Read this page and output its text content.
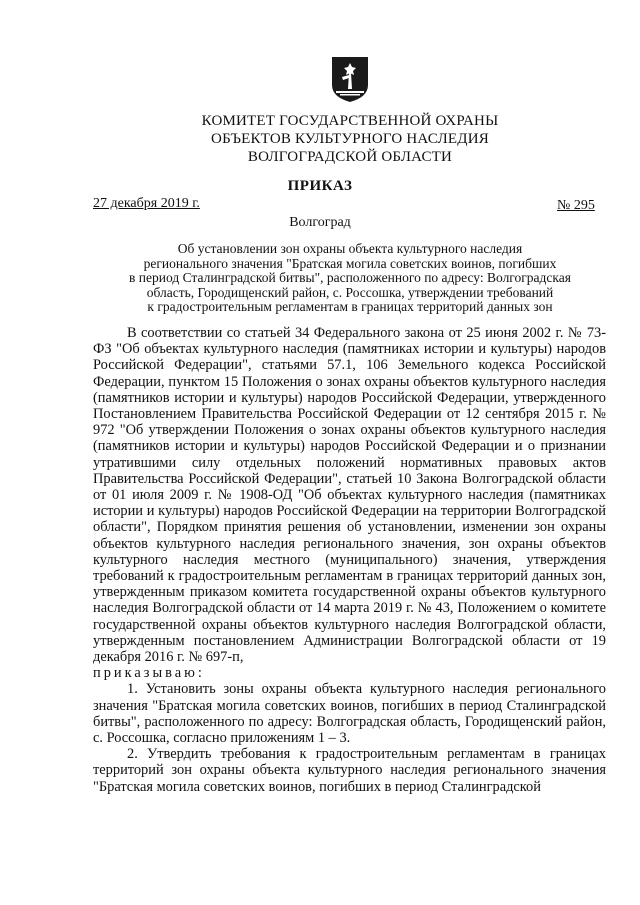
КОМИТЕТ ГОСУДАРСТВЕННОЙ ОХРАНЫ
ОБЪЕКТОВ КУЛЬТУРНОГО НАСЛЕДИЯ
ВОЛГОГРАДСКОЙ ОБЛАСТИ
ПРИКАЗ
27 декабря 2019 г.	№ 295
Волгоград
Об установлении зон охраны объекта культурного наследия
регионального значения "Братская могила советских воинов, погибших
в период Сталинградской битвы", расположенного по адресу: Волгоградская
область, Городищенский район, с. Россошка, утверждении требований
к градостроительным регламентам в границах территорий данных зон

В соответствии со статьей 34 Федерального закона от 25 июня 2002 г. № 73-ФЗ "Об объектах культурного наследия (памятниках истории и культуры) народов Российской Федерации", статьями 57.1, 106 Земельного кодекса Российской Федерации, пунктом 15 Положения о зонах охраны объектов культурного наследия (памятников истории и культуры) народов Российской Федерации, утвержденного Постановлением Правительства Российской Федерации от 12 сентября 2015 г. № 972 "Об утверждении Положения о зонах охраны объектов культурного наследия (памятников истории и культуры) народов Российской Федерации и о признании утратившими силу отдельных положений нормативных правовых актов Правительства Российской Федерации", статьей 10 Закона Волгоградской области от 01 июля 2009 г. № 1908-ОД "Об объектах культурного наследия (памятниках истории и культуры) народов Российской Федерации на территории Волгоградской области", Порядком принятия решения об установлении, изменении зон охраны объектов культурного наследия регионального значения, зон охраны объектов культурного наследия местного (муниципального) значения, утверждения требований к градостроительным регламентам в границах территорий данных зон, утвержденным приказом комитета государственной охраны объектов культурного наследия Волгоградской области от 14 марта 2019 г. № 43, Положением о комитете государственной охраны объектов культурного наследия Волгоградской области, утвержденным постановлением Администрации Волгоградской области от 19 декабря 2016 г. № 697-п,

приказываю:

1. Установить зоны охраны объекта культурного наследия регионального значения "Братская могила советских воинов, погибших в период Сталинградской битвы", расположенного по адресу: Волгоградская область, Городищенский район, с. Россошка, согласно приложениям 1 – 3.

2. Утвердить требования к градостроительным регламентам в границах территорий зон охраны объекта культурного наследия регионального значения "Братская могила советских воинов, погибших в период Сталинградской
